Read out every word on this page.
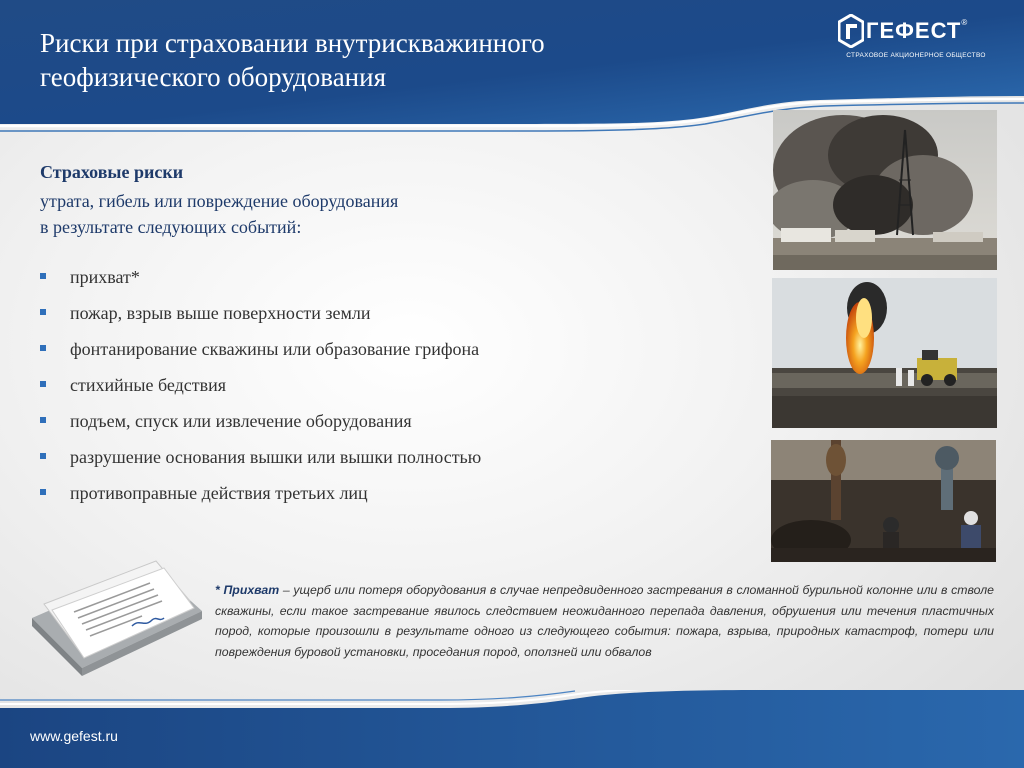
Риски при страховании внутрискважинного
геофизического оборудования
ГЕФЕСТ®
СТРАХОВОЕ АКЦИОНЕРНОЕ ОБЩЕСТВО
Страховые риски
утрата, гибель или повреждение оборудования
в результате следующих событий:
прихват*
пожар, взрыв выше поверхности земли
фонтанирование скважины или образование грифона
стихийные бедствия
подъем, спуск или извлечение оборудования
разрушение основания вышки или вышки полностью
противоправные действия третьих лиц
* Прихват – ущерб или потеря оборудования в случае непредвиденного застревания в сломанной бурильной колонне или в стволе скважины, если такое застревание явилось следствием неожиданного перепада давления, обрушения или течения пластичных пород, которые произошли в результате одного из следующего события: пожара, взрыва, природных катастроф, потери или повреждения буровой установки, проседания пород, оползней или обвалов
www.gefest.ru
